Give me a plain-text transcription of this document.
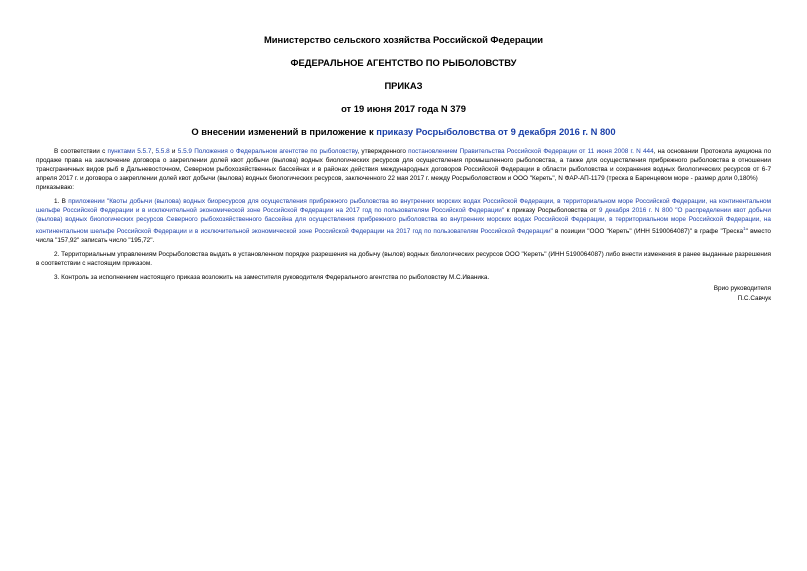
Министерство сельского хозяйства Российской Федерации
ФЕДЕРАЛЬНОЕ АГЕНТСТВО ПО РЫБОЛОВСТВУ
ПРИКАЗ
от 19 июня 2017 года N 379
О внесении изменений в приложение к приказу Росрыболовства от 9 декабря 2016 г. N 800

В соответствии с пунктами 5.5.7, 5.5.8 и 5.5.9 Положения о Федеральном агентстве по рыболовству, утвержденного постановлением Правительства Российской Федерации от 11 июня 2008 г. N 444, на основании Протокола аукциона по продаже права на заключение договора о закреплении долей квот добычи (вылова) водных биологических ресурсов для осуществления промышленного рыболовства, а также для осуществления прибрежного рыболовства в отношении трансграничных видов рыб в Дальневосточном, Северном рыбохозяйственных бассейнах и в районах действия международных договоров Российской Федерации в области рыболовства и сохранения водных биологических ресурсов от 6-7 апреля 2017 г. и договора о закреплении долей квот добычи (вылова) водных биологических ресурсов, заключенного 22 мая 2017 г. между Росрыболовством и ООО "Кереть", N ФАР-АП-1179 (треска в Баренцевом море - размер доли 0,180%)

приказываю:

1. В приложении "Квоты добычи (вылова) водных биоресурсов для осуществления прибрежного рыболовства во внутренних морских водах Российской Федерации, в территориальном море Российской Федерации, на континентальном шельфе Российской Федерации и в исключительной экономической зоне Российской Федерации на 2017 год по пользователям Российской Федерации" к приказу Росрыболовства от 9 декабря 2016 г. N 800 "О распределении квот добычи (вылова) водных биологических ресурсов Северного рыбохозяйственного бассейна для осуществления прибрежного рыболовства во внутренних морских водах Российской Федерации, в территориальном море Российской Федерации, на континентальном шельфе Российской Федерации и в исключительной экономической зоне Российской Федерации на 2017 год по пользователям Российской Федерации" в позиции "ООО "Кереть" (ИНН 5190064087)" в графе "Треска$^1$" вместо числа "157,92" записать число "195,72".

2. Территориальным управлениям Росрыболовства выдать в установленном порядке разрешения на добычу (вылов) водных биологических ресурсов ООО "Кереть" (ИНН 5190064087) либо внести изменения в ранее выданные разрешения в соответствии с настоящим приказом.

3. Контроль за исполнением настоящего приказа возложить на заместителя руководителя Федерального агентства по рыболовству М.С.Иваника.

Врио руководителя
П.С.Савчук
